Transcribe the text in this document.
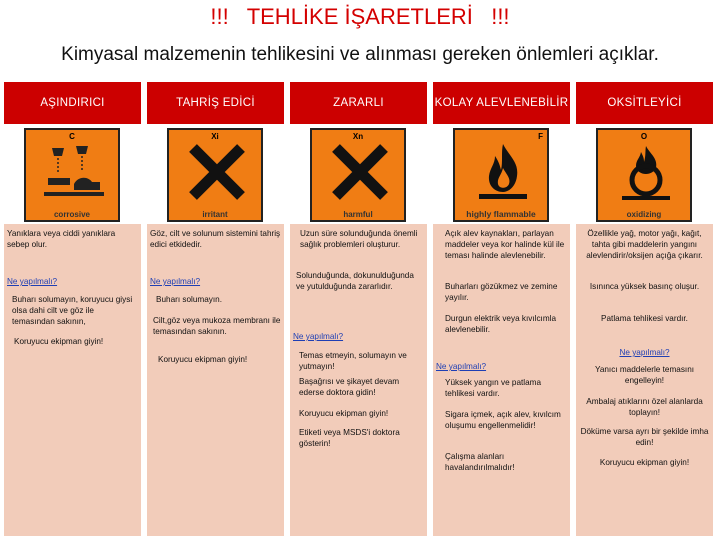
!!!   TEHLİKE İŞARETLERİ   !!!
Kimyasal malzemenin tehlikesini ve alınması gereken önlemleri açıklar.
AŞINDIRICI
C
corrosive
Yanıklara veya ciddi yanıklara sebep olur.
Ne yapılmalı?
Buharı solumayın, koruyucu giysi olsa dahi cilt ve göz ile temasından sakının,
Koruyucu ekipman giyin!
TAHRİŞ EDİCİ
Xi
irritant
Göz, cilt ve solunum sistemini tahriş edici etkidedir.
Ne yapılmalı?
Buharı solumayın.
Cilt,göz veya mukoza membranı ile temasından sakının.
Koruyucu ekipman giyin!
ZARARLI
Xn
harmful
Uzun süre solunduğunda önemli sağlık problemleri oluşturur.
Solunduğunda, dokunulduğunda ve yutulduğunda zararlıdır.
Ne yapılmalı?
Temas etmeyin, solumayın ve yutmayın!
Başağrısı ve şikayet devam ederse doktora gidin!
Koruyucu ekipman giyin!
Etiketi veya MSDS'i doktora gösterin!
KOLAY ALEVLENEBİLİR
F
highly flammable
Açık alev kaynakları, parlayan maddeler veya kor halinde kül ile teması halinde alevlenebilir.
Buharları gözükmez ve zemine yayılır.
Durgun elektrik veya kıvılcımla alevlenebilir.
Ne yapılmalı?
Yüksek yangın ve patlama tehlikesi vardır.
Sigara içmek, açık alev, kıvılcım oluşumu engellenmelidir!
Çalışma alanları havalandırılmalıdır!
OKSİTLEYİCİ
O
oxidizing
Özellikle yağ, motor yağı, kağıt, tahta gibi maddelerin yangını alevlendirir/oksijen açığa çıkarır.
Isınınca yüksek basınç oluşur.
Patlama tehlikesi vardır.
Ne yapılmalı?
Yanıcı maddelerle temasını engelleyin!
Ambalaj atıklarını özel alanlarda toplayın!
Döküme varsa ayrı bir şekilde imha edin!
Koruyucu ekipman giyin!
